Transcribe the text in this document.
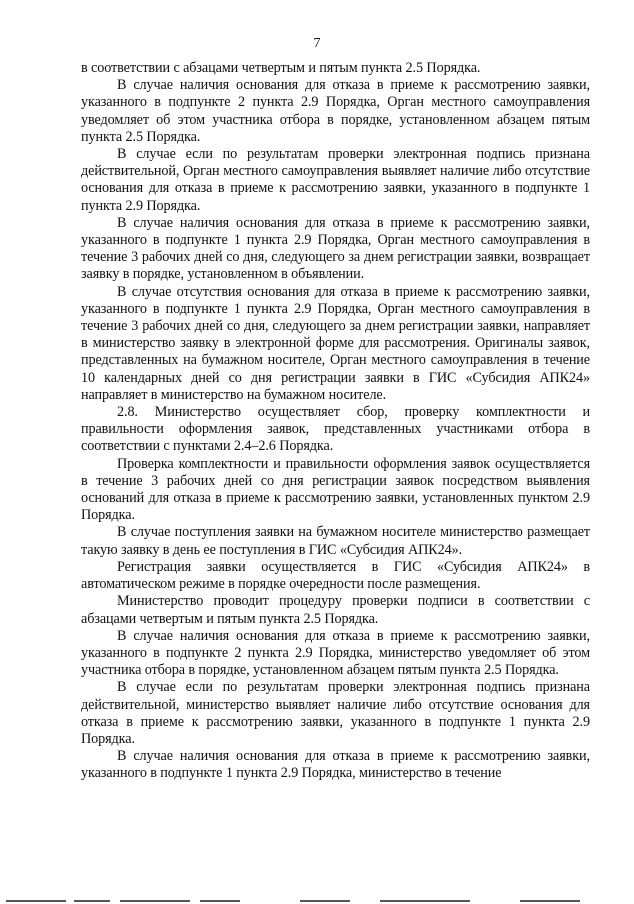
7

в соответствии с абзацами четвертым и пятым пункта 2.5 Порядка.

В случае наличия основания для отказа в приеме к рассмотрению заявки, указанного в подпункте 2 пункта 2.9 Порядка, Орган местного самоуправления уведомляет об этом участника отбора в порядке, установленном абзацем пятым пункта 2.5 Порядка.

В случае если по результатам проверки электронная подпись признана действительной, Орган местного самоуправления выявляет наличие либо отсутствие основания для отказа в приеме к рассмотрению заявки, указанного в подпункте 1 пункта 2.9 Порядка.

В случае наличия основания для отказа в приеме к рассмотрению заявки, указанного в подпункте 1 пункта 2.9 Порядка, Орган местного самоуправления в течение 3 рабочих дней со дня, следующего за днем регистрации заявки, возвращает заявку в порядке, установленном в объявлении.

В случае отсутствия основания для отказа в приеме к рассмотрению заявки, указанного в подпункте 1 пункта 2.9 Порядка, Орган местного самоуправления в течение 3 рабочих дней со дня, следующего за днем регистрации заявки, направляет в министерство заявку в электронной форме для рассмотрения. Оригиналы заявок, представленных на бумажном носителе, Орган местного самоуправления в течение 10 календарных дней со дня регистрации заявки в ГИС «Субсидия АПК24» направляет в министерство на бумажном носителе.

2.8. Министерство осуществляет сбор, проверку комплектности и правильности оформления заявок, представленных участниками отбора в соответствии с пунктами 2.4–2.6 Порядка.

Проверка комплектности и правильности оформления заявок осуществляется в течение 3 рабочих дней со дня регистрации заявок посредством выявления оснований для отказа в приеме к рассмотрению заявки, установленных пунктом 2.9 Порядка.

В случае поступления заявки на бумажном носителе министерство размещает такую заявку в день ее поступления в ГИС «Субсидия АПК24».

Регистрация заявки осуществляется в ГИС «Субсидия АПК24» в автоматическом режиме в порядке очередности после размещения.

Министерство проводит процедуру проверки подписи в соответствии с абзацами четвертым и пятым пункта 2.5 Порядка.

В случае наличия основания для отказа в приеме к рассмотрению заявки, указанного в подпункте 2 пункта 2.9 Порядка, министерство уведомляет об этом участника отбора в порядке, установленном абзацем пятым пункта 2.5 Порядка.

В случае если по результатам проверки электронная подпись признана действительной, министерство выявляет наличие либо отсутствие основания для отказа в приеме к рассмотрению заявки, указанного в подпункте 1 пункта 2.9 Порядка.

В случае наличия основания для отказа в приеме к рассмотрению заявки, указанного в подпункте 1 пункта 2.9 Порядка, министерство в течение
